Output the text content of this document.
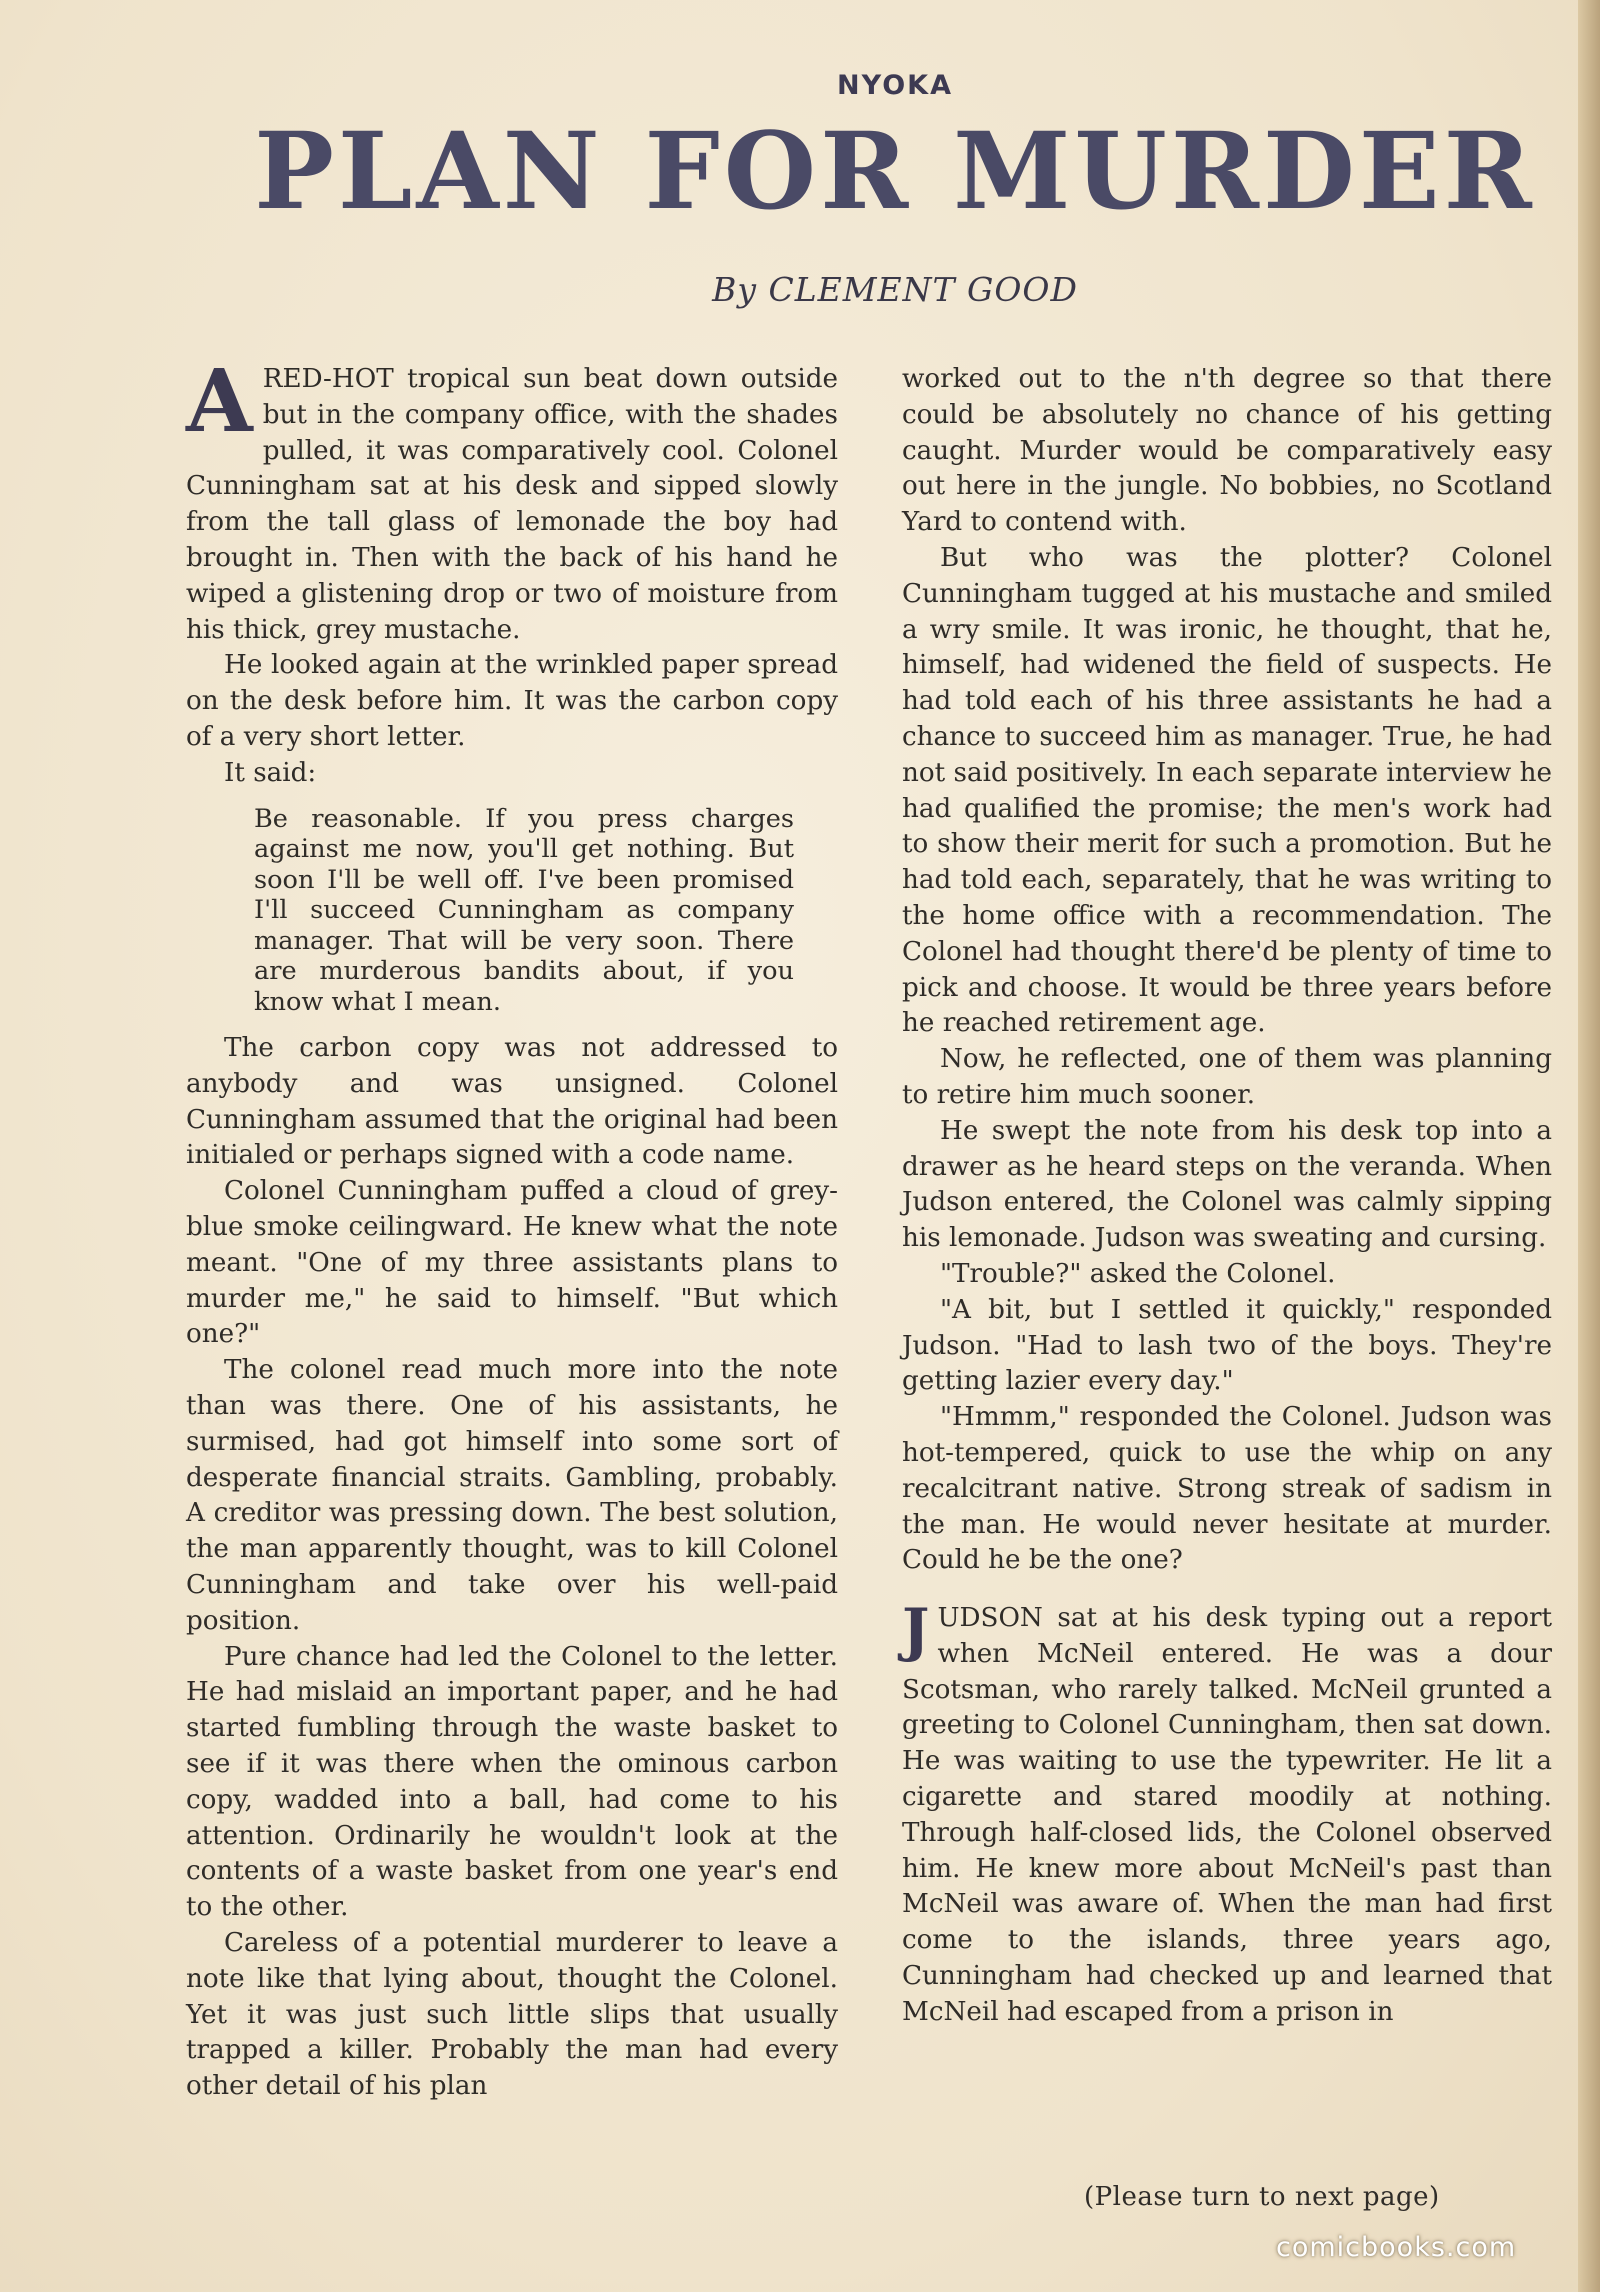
NYOKA
PLAN FOR MURDER
By CLEMENT GOOD

A RED-HOT tropical sun beat down outside but in the company office, with the shades pulled, it was comparatively cool. Colonel Cunningham sat at his desk and sipped slowly from the tall glass of lemonade the boy had brought in. Then with the back of his hand he wiped a glistening drop or two of moisture from his thick, grey mustache.

He looked again at the wrinkled paper spread on the desk before him. It was the carbon copy of a very short letter.

It said:

Be reasonable. If you press charges against me now, you'll get nothing. But soon I'll be well off. I've been promised I'll succeed Cunningham as company manager. That will be very soon. There are murderous bandits about, if you know what I mean.

The carbon copy was not addressed to anybody and was unsigned. Colonel Cunningham assumed that the original had been initialed or perhaps signed with a code name.

Colonel Cunningham puffed a cloud of grey-blue smoke ceilingward. He knew what the note meant. "One of my three assistants plans to murder me," he said to himself. "But which one?"

The colonel read much more into the note than was there. One of his assistants, he surmised, had got himself into some sort of desperate financial straits. Gambling, probably. A creditor was pressing down. The best solution, the man apparently thought, was to kill Colonel Cunningham and take over his well-paid position.

Pure chance had led the Colonel to the letter. He had mislaid an important paper, and he had started fumbling through the waste basket to see if it was there when the ominous carbon copy, wadded into a ball, had come to his attention. Ordinarily he wouldn't look at the contents of a waste basket from one year's end to the other.

Careless of a potential murderer to leave a note like that lying about, thought the Colonel. Yet it was just such little slips that usually trapped a killer. Probably the man had every other detail of his plan

worked out to the n'th degree so that there could be absolutely no chance of his getting caught. Murder would be comparatively easy out here in the jungle. No bobbies, no Scotland Yard to contend with.

But who was the plotter? Colonel Cunningham tugged at his mustache and smiled a wry smile. It was ironic, he thought, that he, himself, had widened the field of suspects. He had told each of his three assistants he had a chance to succeed him as manager. True, he had not said positively. In each separate interview he had qualified the promise; the men's work had to show their merit for such a promotion. But he had told each, separately, that he was writing to the home office with a recommendation. The Colonel had thought there'd be plenty of time to pick and choose. It would be three years before he reached retirement age.

Now, he reflected, one of them was planning to retire him much sooner.

He swept the note from his desk top into a drawer as he heard steps on the veranda. When Judson entered, the Colonel was calmly sipping his lemonade. Judson was sweating and cursing.

"Trouble?" asked the Colonel.

"A bit, but I settled it quickly," responded Judson. "Had to lash two of the boys. They're getting lazier every day."

"Hmmm," responded the Colonel. Judson was hot-tempered, quick to use the whip on any recalcitrant native. Strong streak of sadism in the man. He would never hesitate at murder. Could he be the one?

J UDSON sat at his desk typing out a report when McNeil entered. He was a dour Scotsman, who rarely talked. McNeil grunted a greeting to Colonel Cunningham, then sat down. He was waiting to use the typewriter. He lit a cigarette and stared moodily at nothing. Through half-closed lids, the Colonel observed him. He knew more about McNeil's past than McNeil was aware of. When the man had first come to the islands, three years ago, Cunningham had checked up and learned that McNeil had escaped from a prison in

(Please turn to next page)
comicbooks.com
